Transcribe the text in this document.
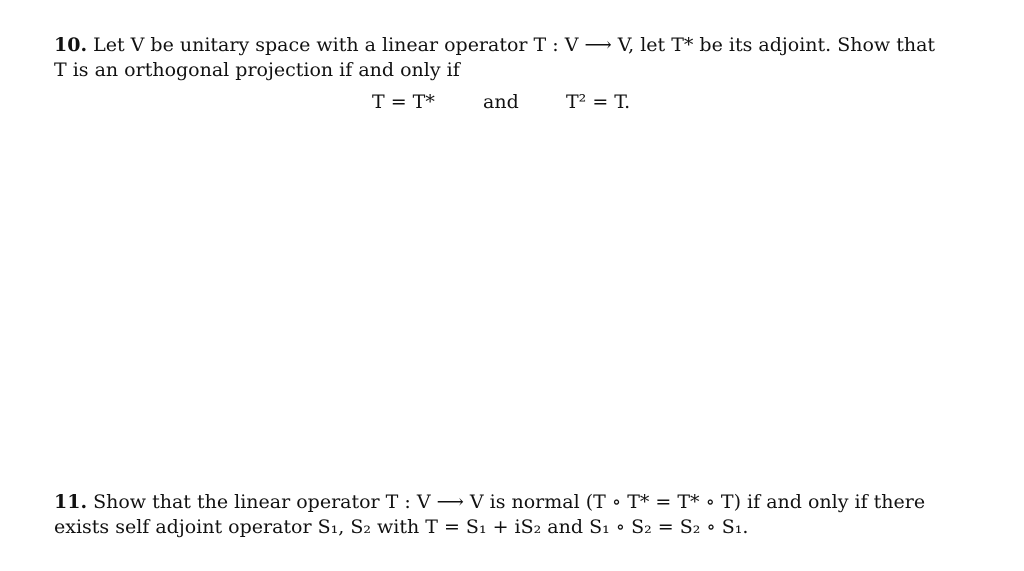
10. Let V be unitary space with a linear operator T : V ⟶ V, let T* be its adjoint. Show that
T is an orthogonal projection if and only if
T = T*	and T² = T.
11. Show that the linear operator T : V ⟶ V is normal (T ∘ T* = T* ∘ T) if and only if there
exists self adjoint operator S₁, S₂ with T = S₁ + iS₂ and S₁ ∘ S₂ = S₂ ∘ S₁.
